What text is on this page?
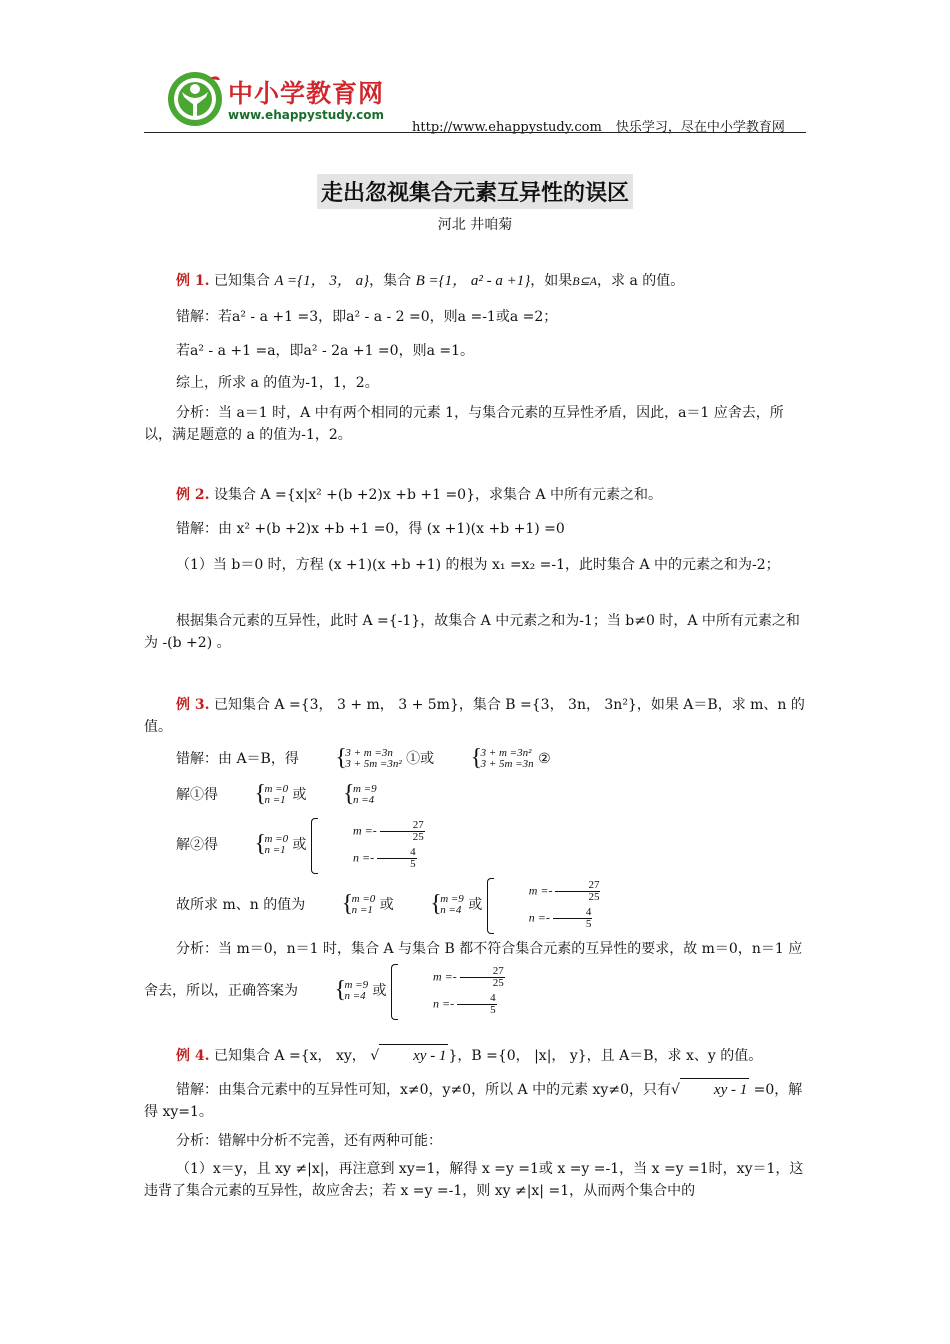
中小学教育网
www.ehappystudy.com
http://www.ehappystudy.com 快乐学习，尽在中小学教育网
走出忽视集合元素互异性的误区
河北 井咱菊
例 1. 已知集合 A ={1， 3， a}，集合 B ={1， a² - a +1}，如果B⊆A，求 a 的值。
错解：若a² - a +1 =3，即a² - a - 2 =0，则a =-1或a =2；
若a² - a +1 =a，即a² - 2a +1 =0，则a =1。
综上，所求 a 的值为-1，1，2。
分析：当 a＝1 时，A 中有两个相同的元素 1，与集合元素的互异性矛盾，因此，a＝1 应舍去，所以，满足题意的 a 的值为-1，2。
例 2. 设集合 A ={x|x² +(b +2)x +b +1 =0}，求集合 A 中所有元素之和。
错解：由 x² +(b +2)x +b +1 =0，得 (x +1)(x +b +1) =0
（1）当 b＝0 时，方程 (x +1)(x +b +1) 的根为 x₁ =x₂ =-1，此时集合 A 中的元素之和为-2；
根据集合元素的互异性，此时 A ={-1}，故集合 A 中元素之和为-1；当 b≠0 时，A 中所有元素之和为 -(b +2) 。
例 3. 已知集合 A ={3， 3 + m， 3 + 5m}，集合 B ={3， 3n， 3n²}，如果 A＝B，求 m、n 的值。
错解：由 A＝B，得	{
3 + m =3n
3 + 5m =3n² ①或	{
3 + m =3n²
3 + 5m =3n ②
解①得	{
m =0
n =1 或	{
m =9
n =4
解②得	{
m =0
n =1 或
$m =- \frac{27}{25}$
$n =- \frac{4}{5}$
故所求 m、n 的值为	{
m =0
n =1 或	{
m =9
n =4 或
$m =- \frac{27}{25}$
$n =- \frac{4}{5}$
分析：当 m＝0，n＝1 时，集合 A 与集合 B 都不符合集合元素的互异性的要求，故 m＝0，n＝1 应舍去，所以，正确答案为	{
m =9
n =4 或
$m =- \frac{27}{25}$
$n =- \frac{4}{5}$
例 4. 已知集合 A ={x， xy， √ xy - 1 }，B ={0， |x|， y}，且 A＝B，求 x、y 的值。
错解：由集合元素中的互异性可知，x≠0，y≠0，所以 A 中的元素 xy≠0，只有√ xy - 1 =0，解得 xy=1。
分析：错解中分析不完善，还有两种可能：
（1）x＝y，且 xy ≠|x|，再注意到 xy=1，解得 x =y =1或 x =y =-1，当 x =y =1时，xy＝1，这违背了集合元素的互异性，故应舍去；若 x =y =-1，则 xy ≠|x| =1，从而两个集合中的
